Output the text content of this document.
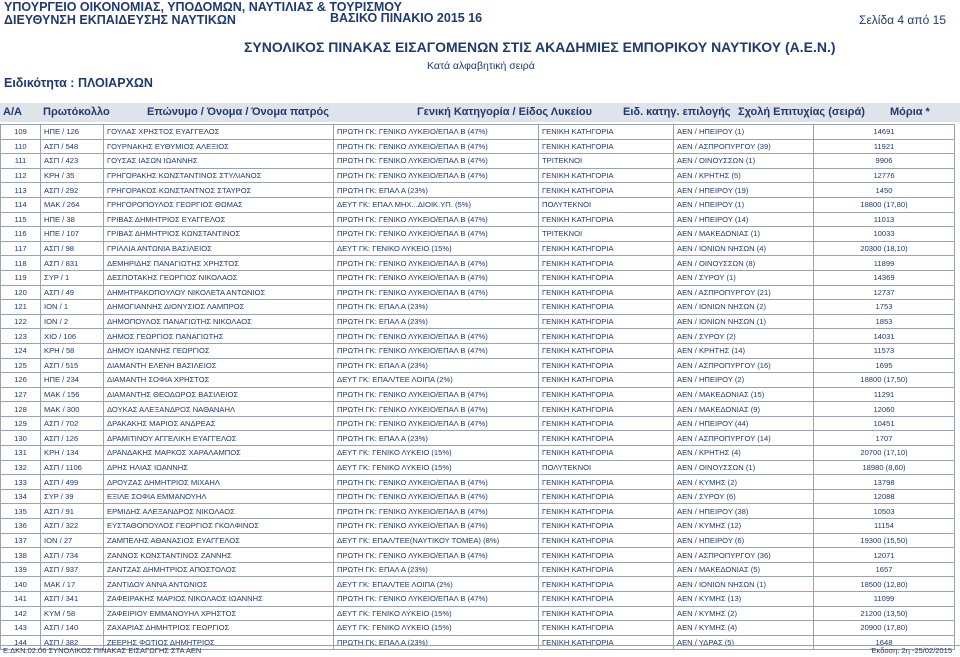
ΥΠΟΥΡΓΕΙΟ ΟΙΚΟΝΟΜΙΑΣ, ΥΠΟΔΟΜΩΝ, ΝΑΥΤΙΛΙΑΣ & ΤΟΥΡΙΣΜΟΥ
ΔΙΕΥΘΥΝΣΗ ΕΚΠΑΙΔΕΥΣΗΣ ΝΑΥΤΙΚΩΝ	ΒΑΣΙΚΟ ΠΙΝΑΚΙΟ 2015 16	Σελίδα 4 από 15
ΣΥΝΟΛΙΚΟΣ ΠΙΝΑΚΑΣ ΕΙΣΑΓΟΜΕΝΩΝ ΣΤΙΣ ΑΚΑΔΗΜΙΕΣ ΕΜΠΟΡΙΚΟΥ ΝΑΥΤΙΚΟΥ (Α.Ε.Ν.)
Κατά αλφαβητική σειρά
Ειδικότητα : ΠΛΟΙΑΡΧΩΝ
Α/Α Πρωτόκολλο	Επώνυμο / Όνομα / Όνομα πατρός	Γενική Κατηγορία / Είδος Λυκείου	Ειδ. κατηγ. επιλογής Σχολή Επιτυχίας (σειρά) Μόρια *
109	ΗΠΕ / 126	ΓΟΥΛΑΣ ΧΡΗΣΤΟΣ ΕΥΑΓΓΕΛΟΣ	ΠΡΩΤΗ ΓΚ: ΓΕΝΙΚΟ ΛΥΚΕΙΟ/ΕΠΑΛ Β (47%)	ΓΕΝΙΚΗ ΚΑΤΗΓΟΡΙΑ	ΑΕΝ / ΗΠΕΙΡΟΥ (1)	14691
110	ΑΣΠ / 548	ΓΟΥΡΝΑΚΗΣ ΕΥΘΥΜΙΟΣ ΑΛΕΞΙΟΣ	ΠΡΩΤΗ ΓΚ: ΓΕΝΙΚΟ ΛΥΚΕΙΟ/ΕΠΑΛ Β (47%)	ΓΕΝΙΚΗ ΚΑΤΗΓΟΡΙΑ	ΑΕΝ / ΑΣΠΡΟΠΥΡΓΟΥ (39)	11921
111	ΑΣΠ / 423	ΓΟΥΣΑΣ ΙΑΣΩΝ ΙΩΑΝΝΗΣ	ΠΡΩΤΗ ΓΚ: ΓΕΝΙΚΟ ΛΥΚΕΙΟ/ΕΠΑΛ Β (47%)	ΤΡΙΤΕΚΝΟΙ	ΑΕΝ / ΟΙΝΟΥΣΣΩΝ (1)	9906
112	ΚΡΗ / 35	ΓΡΗΓΟΡΑΚΗΣ ΚΩΝΣΤΑΝΤΙΝΟΣ ΣΤΥΛΙΑΝΟΣ	ΠΡΩΤΗ ΓΚ: ΓΕΝΙΚΟ ΛΥΚΕΙΟ/ΕΠΑΛ Β (47%)	ΓΕΝΙΚΗ ΚΑΤΗΓΟΡΙΑ	ΑΕΝ / ΚΡΗΤΗΣ (5)	12776
113	ΑΣΠ / 292	ΓΡΗΓΟΡΑΚΟΣ ΚΩΝΣΤΑΝΤΝΟΣ ΣΤΑΥΡΟΣ	ΠΡΩΤΗ ΓΚ: ΕΠΑΛ Α (23%)	ΓΕΝΙΚΗ ΚΑΤΗΓΟΡΙΑ	ΑΕΝ / ΗΠΕΙΡΟΥ (19)	1450
114	ΜΑΚ / 264	ΓΡΗΓΟΡΟΠΟΥΛΟΣ ΓΕΩΡΓΙΟΣ ΘΩΜΑΣ	ΔΕΥΤ ΓΚ: ΕΠΑΛ ΜΗΧ...ΔΙΟΙΚ.ΥΠ. (5%)	ΠΟΛΥΤΕΚΝΟΙ	ΑΕΝ / ΗΠΕΙΡΟΥ (1)	18800 (17,80)
115	ΗΠΕ / 38	ΓΡΙΒΑΣ ΔΗΜΗΤΡΙΟΣ ΕΥΑΓΓΕΛΟΣ	ΠΡΩΤΗ ΓΚ: ΓΕΝΙΚΟ ΛΥΚΕΙΟ/ΕΠΑΛ Β (47%)	ΓΕΝΙΚΗ ΚΑΤΗΓΟΡΙΑ	ΑΕΝ / ΗΠΕΙΡΟΥ (14)	11013
116	ΗΠΕ / 107	ΓΡΙΒΑΣ ΔΗΜΗΤΡΙΟΣ ΚΩΝΣΤΑΝΤΙΝΟΣ	ΠΡΩΤΗ ΓΚ: ΓΕΝΙΚΟ ΛΥΚΕΙΟ/ΕΠΑΛ Β (47%)	ΤΡΙΤΕΚΝΟΙ	ΑΕΝ / ΜΑΚΕΔΟΝΙΑΣ (1)	10033
117	ΑΣΠ / 98	ΓΡΙΛΛΙΑ ΑΝΤΩΝΙΑ ΒΑΣΙΛΕΙΟΣ	ΔΕΥΤ ΓΚ: ΓΕΝΙΚΟ ΛΥΚΕΙΟ (15%)	ΓΕΝΙΚΗ ΚΑΤΗΓΟΡΙΑ	ΑΕΝ / ΙΟΝΙΩΝ ΝΗΣΩΝ (4)	20300 (18,10)
118	ΑΣΠ / 831	ΔΕΜΗΡΙΔΗΣ ΠΑΝΑΓΙΩΤΗΣ ΧΡΗΣΤΟΣ	ΠΡΩΤΗ ΓΚ: ΓΕΝΙΚΟ ΛΥΚΕΙΟ/ΕΠΑΛ Β (47%)	ΓΕΝΙΚΗ ΚΑΤΗΓΟΡΙΑ	ΑΕΝ / ΟΙΝΟΥΣΣΩΝ (8)	11899
119	ΣΥΡ / 1	ΔΕΣΠΟΤΑΚΗΣ ΓΕΩΡΓΙΟΣ ΝΙΚΟΛΑΟΣ	ΠΡΩΤΗ ΓΚ: ΓΕΝΙΚΟ ΛΥΚΕΙΟ/ΕΠΑΛ Β (47%)	ΓΕΝΙΚΗ ΚΑΤΗΓΟΡΙΑ	ΑΕΝ / ΣΥΡΟΥ (1)	14369
120	ΑΣΠ / 49	ΔΗΜΗΤΡΑΚΟΠΟΥΛΟΥ ΝΙΚΟΛΕΤΑ ΑΝΤΩΝΙΟΣ	ΠΡΩΤΗ ΓΚ: ΓΕΝΙΚΟ ΛΥΚΕΙΟ/ΕΠΑΛ Β (47%)	ΓΕΝΙΚΗ ΚΑΤΗΓΟΡΙΑ	ΑΕΝ / ΑΣΠΡΟΠΥΡΓΟΥ (21)	12737
121	ΙΟΝ / 1	ΔΗΜΟΓΙΑΝΝΗΣ ΔΙΟΝΥΣΙΟΣ ΛΑΜΠΡΟΣ	ΠΡΩΤΗ ΓΚ: ΕΠΑΛ Α (23%)	ΓΕΝΙΚΗ ΚΑΤΗΓΟΡΙΑ	ΑΕΝ / ΙΟΝΙΩΝ ΝΗΣΩΝ (2)	1753
122	ΙΟΝ / 2	ΔΗΜΟΠΟΥΛΟΣ ΠΑΝΑΓΙΩΤΗΣ ΝΙΚΟΛΑΟΣ	ΠΡΩΤΗ ΓΚ: ΕΠΑΛ Α (23%)	ΓΕΝΙΚΗ ΚΑΤΗΓΟΡΙΑ	ΑΕΝ / ΙΟΝΙΩΝ ΝΗΣΩΝ (1)	1853
123	ΧΙΟ / 106	ΔΗΜΟΣ ΓΕΩΡΓΙΟΣ ΠΑΝΑΓΙΩΤΗΣ	ΠΡΩΤΗ ΓΚ: ΓΕΝΙΚΟ ΛΥΚΕΙΟ/ΕΠΑΛ Β (47%)	ΓΕΝΙΚΗ ΚΑΤΗΓΟΡΙΑ	ΑΕΝ / ΣΥΡΟΥ (2)	14031
124	ΚΡΗ / 58	ΔΗΜΟΥ ΙΩΑΝΝΗΣ ΓΕΩΡΓΙΟΣ	ΠΡΩΤΗ ΓΚ: ΓΕΝΙΚΟ ΛΥΚΕΙΟ/ΕΠΑΛ Β (47%)	ΓΕΝΙΚΗ ΚΑΤΗΓΟΡΙΑ	ΑΕΝ / ΚΡΗΤΗΣ (14)	11573
125	ΑΣΠ / 515	ΔΙΑΜΑΝΤΗ ΕΛΕΝΗ ΒΑΣΙΛΕΙΟΣ	ΠΡΩΤΗ ΓΚ: ΕΠΑΛ Α (23%)	ΓΕΝΙΚΗ ΚΑΤΗΓΟΡΙΑ	ΑΕΝ / ΑΣΠΡΟΠΥΡΓΟΥ (16)	1695
126	ΗΠΕ / 234	ΔΙΑΜΑΝΤΗ ΣΟΦΙΑ ΧΡΗΣΤΟΣ	ΔΕΥΤ ΓΚ: ΕΠΑΛ/ΤΕΕ ΛΟΙΠΑ (2%)	ΓΕΝΙΚΗ ΚΑΤΗΓΟΡΙΑ	ΑΕΝ / ΗΠΕΙΡΟΥ (2)	18800 (17,50)
127	ΜΑΚ / 156	ΔΙΑΜΑΝΤΗΣ ΘΕΟΔΩΡΟΣ ΒΑΣΙΛΕΙΟΣ	ΠΡΩΤΗ ΓΚ: ΓΕΝΙΚΟ ΛΥΚΕΙΟ/ΕΠΑΛ Β (47%)	ΓΕΝΙΚΗ ΚΑΤΗΓΟΡΙΑ	ΑΕΝ / ΜΑΚΕΔΟΝΙΑΣ (15)	11291
128	ΜΑΚ / 300	ΔΟΥΚΑΣ ΑΛΕΞΑΝΔΡΟΣ ΝΑΘΑΝΑΗΛ	ΠΡΩΤΗ ΓΚ: ΓΕΝΙΚΟ ΛΥΚΕΙΟ/ΕΠΑΛ Β (47%)	ΓΕΝΙΚΗ ΚΑΤΗΓΟΡΙΑ	ΑΕΝ / ΜΑΚΕΔΟΝΙΑΣ (9)	12060
129	ΑΣΠ / 702	ΔΡΑΚΑΚΗΣ ΜΑΡΙΟΣ ΑΝΔΡΕΑΣ	ΠΡΩΤΗ ΓΚ: ΓΕΝΙΚΟ ΛΥΚΕΙΟ/ΕΠΑΛ Β (47%)	ΓΕΝΙΚΗ ΚΑΤΗΓΟΡΙΑ	ΑΕΝ / ΗΠΕΙΡΟΥ (44)	10451
130	ΑΣΠ / 126	ΔΡΑΜΙΤΙΝΟΥ ΑΓΓΕΛΙΚΗ ΕΥΑΓΓΕΛΟΣ	ΠΡΩΤΗ ΓΚ: ΕΠΑΛ Α (23%)	ΓΕΝΙΚΗ ΚΑΤΗΓΟΡΙΑ	ΑΕΝ / ΑΣΠΡΟΠΥΡΓΟΥ (14)	1707
131	ΚΡΗ / 134	ΔΡΑΝΔΑΚΗΣ ΜΑΡΚΟΣ ΧΑΡΑΛΑΜΠΟΣ	ΔΕΥΤ ΓΚ: ΓΕΝΙΚΟ ΛΥΚΕΙΟ (15%)	ΓΕΝΙΚΗ ΚΑΤΗΓΟΡΙΑ	ΑΕΝ / ΚΡΗΤΗΣ (4)	20700 (17,10)
132	ΑΣΠ / 1106	ΔΡΗΣ ΗΛΙΑΣ ΙΩΑΝΝΗΣ	ΔΕΥΤ ΓΚ: ΓΕΝΙΚΟ ΛΥΚΕΙΟ (15%)	ΠΟΛΥΤΕΚΝΟΙ	ΑΕΝ / ΟΙΝΟΥΣΣΩΝ (1)	18980 (8,60)
133	ΑΣΠ / 499	ΔΡΟΥΖΑΣ ΔΗΜΗΤΡΙΟΣ ΜΙΧΑΗΛ	ΠΡΩΤΗ ΓΚ: ΓΕΝΙΚΟ ΛΥΚΕΙΟ/ΕΠΑΛ Β (47%)	ΓΕΝΙΚΗ ΚΑΤΗΓΟΡΙΑ	ΑΕΝ / ΚΥΜΗΣ (2)	13798
134	ΣΥΡ / 39	ΕΞΙΛΕ ΣΟΦΙΑ ΕΜΜΑΝΟΥΗΛ	ΠΡΩΤΗ ΓΚ: ΓΕΝΙΚΟ ΛΥΚΕΙΟ/ΕΠΑΛ Β (47%)	ΓΕΝΙΚΗ ΚΑΤΗΓΟΡΙΑ	ΑΕΝ / ΣΥΡΟΥ (6)	12088
135	ΑΣΠ / 91	ΕΡΜΙΔΗΣ ΑΛΕΞΑΝΔΡΟΣ ΝΙΚΟΛΑΟΣ	ΠΡΩΤΗ ΓΚ: ΓΕΝΙΚΟ ΛΥΚΕΙΟ/ΕΠΑΛ Β (47%)	ΓΕΝΙΚΗ ΚΑΤΗΓΟΡΙΑ	ΑΕΝ / ΗΠΕΙΡΟΥ (38)	10503
136	ΑΣΠ / 322	ΕΥΣΤΑΘΟΠΟΥΛΟΣ ΓΕΩΡΓΙΟΣ ΓΚΟΛΦΙΝΟΣ	ΠΡΩΤΗ ΓΚ: ΓΕΝΙΚΟ ΛΥΚΕΙΟ/ΕΠΑΛ Β (47%)	ΓΕΝΙΚΗ ΚΑΤΗΓΟΡΙΑ	ΑΕΝ / ΚΥΜΗΣ (12)	11154
137	ΙΟΝ / 27	ΖΑΜΠΕΛΗΣ ΑΘΑΝΑΣΙΟΣ ΕΥΑΓΓΕΛΟΣ	ΔΕΥΤ ΓΚ: ΕΠΑΛ/ΤΕΕ(ΝΑΥΤΙΚΟΥ ΤΟΜΕΑ) (8%)	ΓΕΝΙΚΗ ΚΑΤΗΓΟΡΙΑ	ΑΕΝ / ΗΠΕΙΡΟΥ (6)	19300 (15,50)
138	ΑΣΠ / 734	ΖΑΝΝΟΣ ΚΩΝΣΤΑΝΤΙΝΟΣ ΖΑΝΝΗΣ	ΠΡΩΤΗ ΓΚ: ΓΕΝΙΚΟ ΛΥΚΕΙΟ/ΕΠΑΛ Β (47%)	ΓΕΝΙΚΗ ΚΑΤΗΓΟΡΙΑ	ΑΕΝ / ΑΣΠΡΟΠΥΡΓΟΥ (36)	12071
139	ΑΣΠ / 937	ΖΑΝΤΖΑΣ ΔΗΜΗΤΡΙΟΣ ΑΠΟΣΤΟΛΟΣ	ΠΡΩΤΗ ΓΚ: ΕΠΑΛ Α (23%)	ΓΕΝΙΚΗ ΚΑΤΗΓΟΡΙΑ	ΑΕΝ / ΜΑΚΕΔΟΝΙΑΣ (5)	1657
140	ΜΑΚ / 17	ΖΑΝΤΙΔΟΥ ΑΝΝΑ ΑΝΤΩΝΙΟΣ	ΔΕΥΤ ΓΚ: ΕΠΑΛ/ΤΕΕ ΛΟΙΠΑ (2%)	ΓΕΝΙΚΗ ΚΑΤΗΓΟΡΙΑ	ΑΕΝ / ΙΟΝΙΩΝ ΝΗΣΩΝ (1)	18500 (12,80)
141	ΑΣΠ / 341	ΖΑΦΕΙΡΑΚΗΣ ΜΑΡΙΟΣ ΝΙΚΟΛΑΟΣ ΙΩΑΝΝΗΣ	ΠΡΩΤΗ ΓΚ: ΓΕΝΙΚΟ ΛΥΚΕΙΟ/ΕΠΑΛ Β (47%)	ΓΕΝΙΚΗ ΚΑΤΗΓΟΡΙΑ	ΑΕΝ / ΚΥΜΗΣ (13)	11099
142	ΚΥΜ / 58	ΖΑΦΕΙΡΙΟΥ ΕΜΜΑΝΟΥΗΛ ΧΡΗΣΤΟΣ	ΔΕΥΤ ΓΚ: ΓΕΝΙΚΟ ΛΥΚΕΙΟ (15%)	ΓΕΝΙΚΗ ΚΑΤΗΓΟΡΙΑ	ΑΕΝ / ΚΥΜΗΣ (2)	21200 (13,50)
143	ΑΣΠ / 140	ΖΑΧΑΡΙΑΣ ΔΗΜΗΤΡΙΟΣ ΓΕΩΡΓΙΟΣ	ΔΕΥΤ ΓΚ: ΓΕΝΙΚΟ ΛΥΚΕΙΟ (15%)	ΓΕΝΙΚΗ ΚΑΤΗΓΟΡΙΑ	ΑΕΝ / ΚΥΜΗΣ (4)	20900 (17,80)
144	ΑΣΠ / 382	ΖΕΕΡΗΣ ΦΩΤΙΟΣ ΔΗΜΗΤΡΙΟΣ	ΠΡΩΤΗ ΓΚ: ΕΠΑΛ Α (23%)	ΓΕΝΙΚΗ ΚΑΤΗΓΟΡΙΑ	ΑΕΝ / ΥΔΡΑΣ (5)	1648
Ε.ΔΚΝ.02.06 ΣΥΝΟΛΙΚΟΣ ΠΙΝΑΚΑΣ ΕΙΣΑΓΩΓΗΣ ΣΤΑ ΑΕΝ	Έκδοση: 2η -25/02/2015
